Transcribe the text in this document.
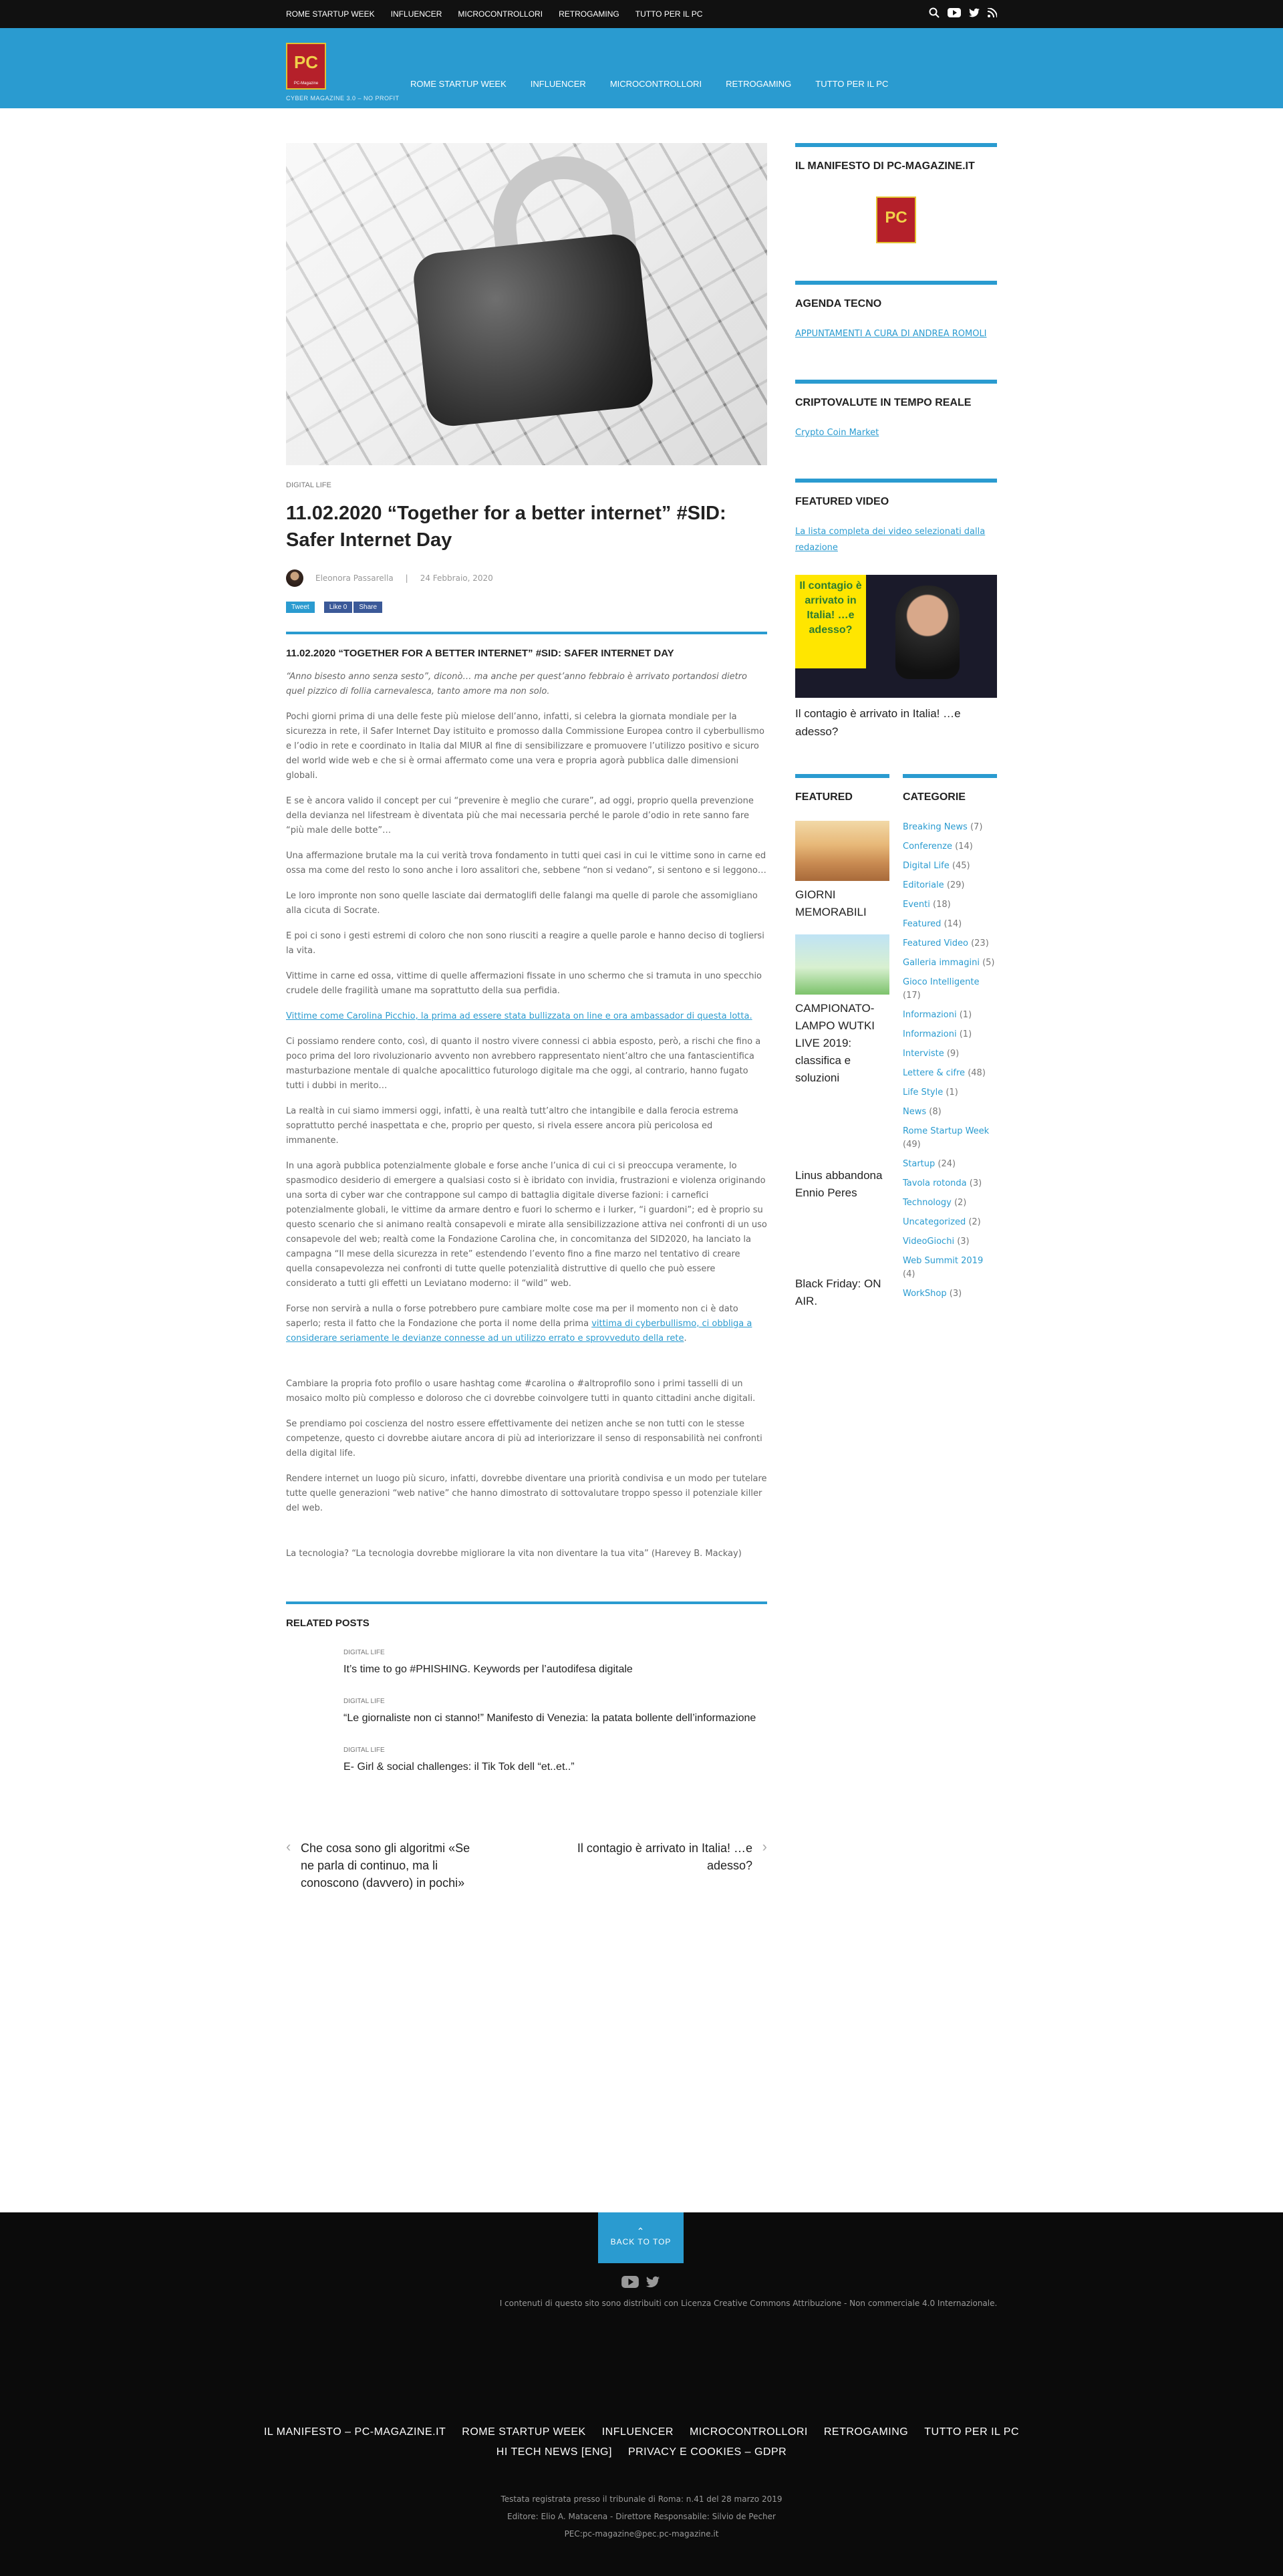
ROME STARTUP WEEK INFLUENCER MICROCONTROLLORI RETROGAMING TUTTO PER IL PC
PC
PC-Magazine
CYBER MAGAZINE 3.0 – NO PROFIT
ROME STARTUP WEEK	INFLUENCER	MICROCONTROLLORI	RETROGAMING	TUTTO PER IL PC
DIGITAL LIFE
11.02.2020 “Together for a better internet” #SID: Safer Internet Day
Eleonora Passarella | 24 Febbraio, 2020
Tweet	Like 0	Share
11.02.2020 “TOGETHER FOR A BETTER INTERNET” #SID: SAFER INTERNET DAY

“Anno bisesto anno senza sesto”, diconò… ma anche per quest’anno febbraio è arrivato portandosi dietro quel pizzico di follia carnevalesca, tanto amore ma non solo.

Pochi giorni prima di una delle feste più mielose dell’anno, infatti, si celebra la giornata mondiale per la sicurezza in rete, il Safer Internet Day istituito e promosso dalla Commissione Europea contro il cyberbullismo e l’odio in rete e coordinato in Italia dal MIUR al fine di sensibilizzare e promuovere l’utilizzo positivo e sicuro del world wide web e che si è ormai affermato come una vera e propria agorà pubblica dalle dimensioni globali.

E se è ancora valido il concept per cui “prevenire è meglio che curare”, ad oggi, proprio quella prevenzione della devianza nel lifestream è diventata più che mai necessaria perché le parole d’odio in rete sanno fare “più male delle botte”…

Una affermazione brutale ma la cui verità trova fondamento in tutti quei casi in cui le vittime sono in carne ed ossa ma come del resto lo sono anche i loro assalitori che, sebbene “non si vedano”, si sentono e si leggono…

Le loro impronte non sono quelle lasciate dai dermatoglifi delle falangi ma quelle di parole che assomigliano alla cicuta di Socrate.

E poi ci sono i gesti estremi di coloro che non sono riusciti a reagire a quelle parole e hanno deciso di togliersi la vita.

Vittime in carne ed ossa, vittime di quelle affermazioni fissate in uno schermo che si tramuta in uno specchio crudele delle fragilità umane ma soprattutto della sua perfidia.

Vittime come Carolina Picchio, la prima ad essere stata bullizzata on line e ora ambassador di questa lotta.

Ci possiamo rendere conto, così, di quanto il nostro vivere connessi ci abbia esposto, però, a rischi che fino a poco prima del loro rivoluzionario avvento non avrebbero rappresentato nient’altro che una fantascientifica masturbazione mentale di qualche apocalittico futurologo digitale ma che oggi, al contrario, hanno fugato tutti i dubbi in merito…

La realtà in cui siamo immersi oggi, infatti, è una realtà tutt’altro che intangibile e dalla ferocia estrema soprattutto perché inaspettata e che, proprio per questo, si rivela essere ancora più pericolosa ed immanente.

In una agorà pubblica potenzialmente globale e forse anche l’unica di cui ci si preoccupa veramente, lo spasmodico desiderio di emergere a qualsiasi costo si è ibridato con invidia, frustrazioni e violenza originando una sorta di cyber war che contrappone sul campo di battaglia digitale diverse fazioni: i carnefici potenzialmente globali, le vittime da armare dentro e fuori lo schermo e i lurker, “i guardoni”; ed è proprio su questo scenario che si animano realtà consapevoli e mirate alla sensibilizzazione attiva nei confronti di un uso consapevole del web; realtà come la Fondazione Carolina che, in concomitanza del SID2020, ha lanciato la campagna “Il mese della sicurezza in rete” estendendo l’evento fino a fine marzo nel tentativo di creare quella consapevolezza nei confronti di tutte quelle potenzialità distruttive di quello che può essere considerato a tutti gli effetti un Leviatano moderno: il “wild” web.

Forse non servirà a nulla o forse potrebbero pure cambiare molte cose ma per il momento non ci è dato saperlo; resta il fatto che la Fondazione che porta il nome della prima vittima di cyberbullismo, ci obbliga a considerare seriamente le devianze connesse ad un utilizzo errato e sprovveduto della rete.

Cambiare la propria foto profilo o usare hashtag come #carolina o #altroprofilo sono i primi tasselli di un mosaico molto più complesso e doloroso che ci dovrebbe coinvolgere tutti in quanto cittadini anche digitali.

Se prendiamo poi coscienza del nostro essere effettivamente dei netizen anche se non tutti con le stesse competenze, questo ci dovrebbe aiutare ancora di più ad interiorizzare il senso di responsabilità nei confronti della digital life.

Rendere internet un luogo più sicuro, infatti, dovrebbe diventare una priorità condivisa e un modo per tutelare tutte quelle generazioni “web native” che hanno dimostrato di sottovalutare troppo spesso il potenziale killer del web.

La tecnologia? “La tecnologia dovrebbe migliorare la vita non diventare la tua vita” (Harevey B. Mackay)

RELATED POSTS
DIGITAL LIFE
It’s time to go #PHISHING. Keywords per l’autodifesa digitale
DIGITAL LIFE
“Le giornaliste non ci stanno!” Manifesto di Venezia: la patata bollente dell’informazione
DIGITAL LIFE
E- Girl & social challenges: il Tik Tok dell “et..et..”
‹ Che cosa sono gli algoritmi «Se ne parla di continuo, ma li conoscono (davvero) in pochi»
Il contagio è arrivato in Italia! …e adesso? ›
IL MANIFESTO DI PC-MAGAZINE.IT
PC
AGENDA TECNO
APPUNTAMENTI A CURA DI ANDREA ROMOLI
CRIPTOVALUTE IN TEMPO REALE
Crypto Coin Market
FEATURED VIDEO
La lista completa dei video selezionati dalla redazione
Il contagio è arrivato in Italia! …e adesso?
Il contagio è arrivato in Italia! …e adesso?
FEATURED
GIORNI MEMORABILI
CAMPIONATO-LAMPO WUTKI LIVE 2019: classifica e soluzioni
Linus abbandona Ennio Peres
Black Friday: ON AIR.
CATEGORIE
Breaking News (7)
Conferenze (14)
Digital Life (45)
Editoriale (29)
Eventi (18)
Featured (14)
Featured Video (23)
Galleria immagini (5)
Gioco Intelligente (17)
Informazioni (1)
Informazioni (1)
Interviste (9)
Lettere & cifre (48)
Life Style (1)
News (8)
Rome Startup Week (49)
Startup (24)
Tavola rotonda (3)
Technology (2)
Uncategorized (2)
VideoGiochi (3)
Web Summit 2019 (4)
WorkShop (3)
⌃
BACK TO TOP
I contenuti di questo sito sono distribuiti con Licenza Creative Commons Attribuzione - Non commerciale 4.0 Internazionale.
IL MANIFESTO – PC-MAGAZINE.IT ROME STARTUP WEEK INFLUENCER MICROCONTROLLORI RETROGAMING TUTTO PER IL PC
HI TECH NEWS [ENG] PRIVACY E COOKIES – GDPR
Testata registrata presso il tribunale di Roma: n.41 del 28 marzo 2019
Editore: Elio A. Matacena - Direttore Responsabile: Silvio de Pecher
PEC:pc-magazine@pec.pc-magazine.it
